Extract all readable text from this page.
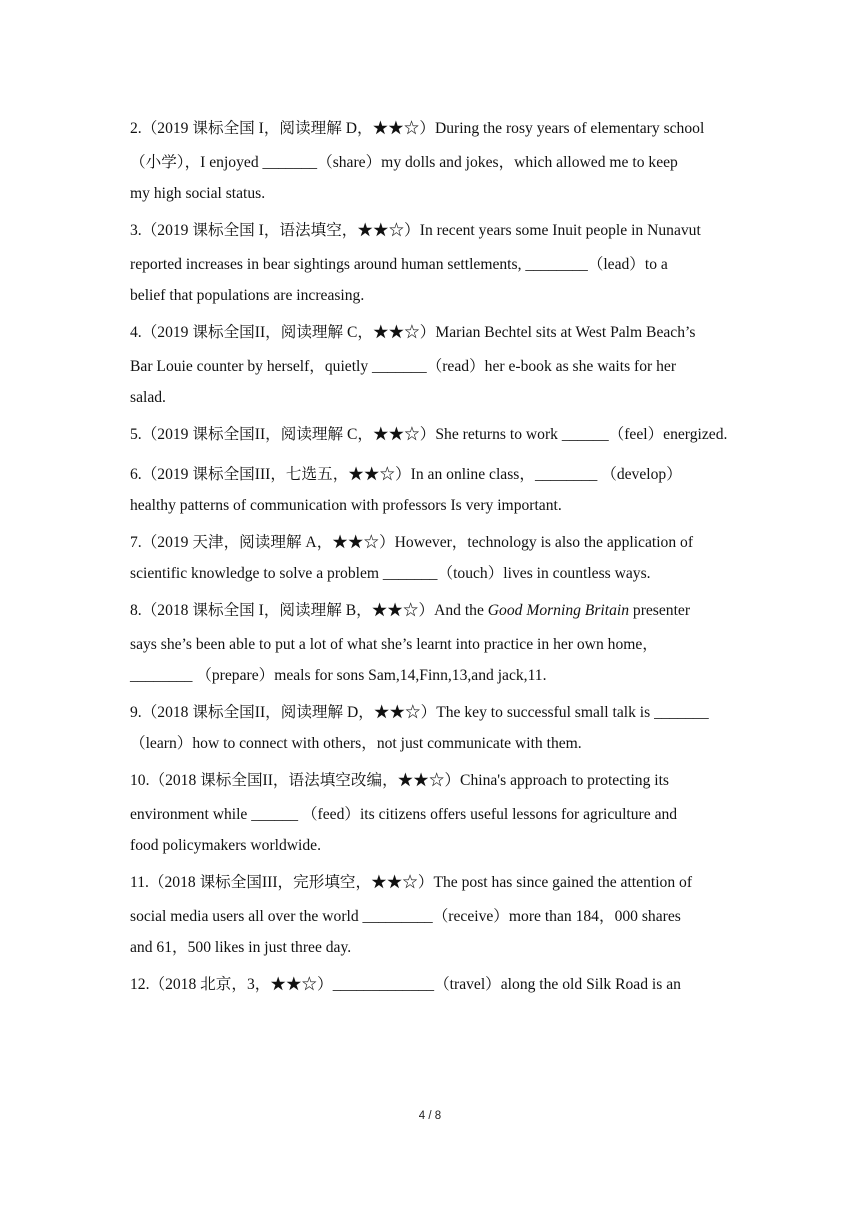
2.（2019 课标全国 I，阅读理解 D，★★☆）During the rosy years of elementary school
（小学），I enjoyed _______（share）my dolls and jokes，which allowed me to keep
my high social status.
3.（2019 课标全国 I，语法填空，★★☆）In recent years some Inuit people in Nunavut
reported increases in bear sightings around human settlements, ________（lead）to a
belief that populations are increasing.
4.（2019 课标全国II，阅读理解 C，★★☆）Marian Bechtel sits at West Palm Beach’s
Bar Louie counter by herself，quietly _______（read）her e-book as she waits for her
salad.
5.（2019 课标全国II，阅读理解 C，★★☆）She returns to work ______（feel）energized.
6.（2019 课标全国III，七选五，★★☆）In an online class，________ （develop）
healthy patterns of communication with professors Is very important.
7.（2019 天津，阅读理解 A，★★☆）However，technology is also the application of
scientific knowledge to solve a problem _______（touch）lives in countless ways.
8.（2018 课标全国 I，阅读理解 B，★★☆）And the Good Morning Britain presenter
says she’s been able to put a lot of what she’s learnt into practice in her own home，
________ （prepare）meals for sons Sam,14,Finn,13,and jack,11.
9.（2018 课标全国II，阅读理解 D，★★☆）The key to successful small talk is _______
（learn）how to connect with others，not just communicate with them.
10.（2018 课标全国II，语法填空改编，★★☆）China's approach to protecting its
environment while ______ （feed）its citizens offers useful lessons for agriculture and
food policymakers worldwide.
11.（2018 课标全国III，完形填空，★★☆）The post has since gained the attention of
social media users all over the world _________（receive）more than 184，000 shares
and 61，500 likes in just three day.
12.（2018 北京，3，★★☆）_____________（travel）along the old Silk Road is an
4 / 8
